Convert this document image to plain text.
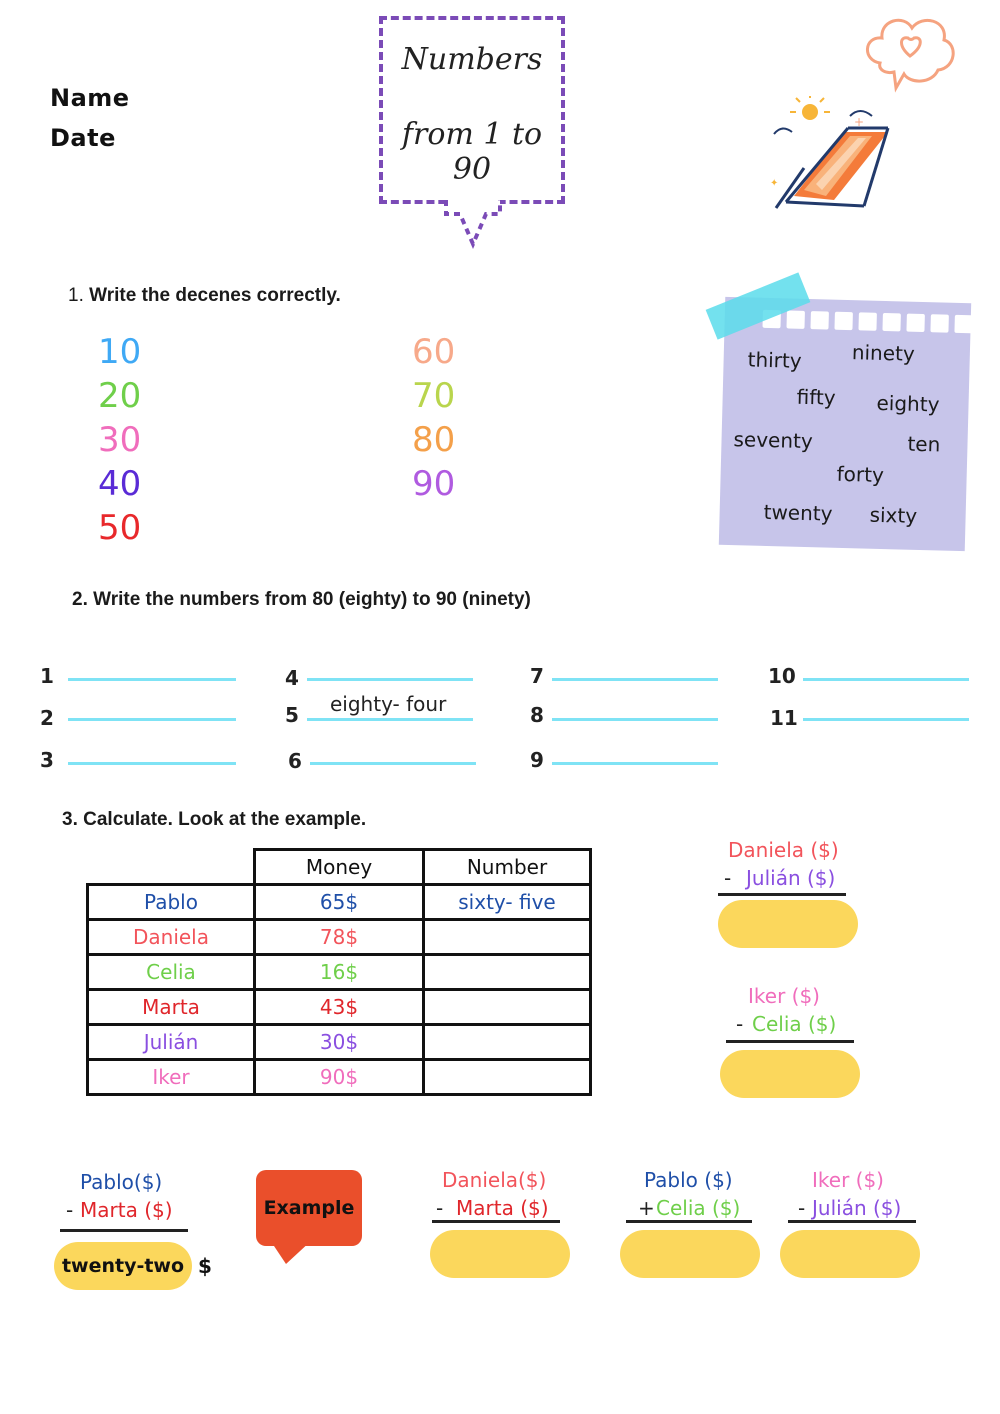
Name
Date
Numbers
from 1 to 90
+
✦
1. Write the decenes correctly.
10
20
30
40
50
60
70
80
90
thirty ninety
fifty eighty
seventy	ten
forty
twenty sixty
2. Write the numbers from 80 (eighty) to 90 (ninety)
1
2
3
4
5 eighty- four
6
7
8
9
10
11
3. Calculate. Look at the example.
	Money	Number
Pablo	65$	sixty- five
Daniela	78$	
Celia	16$	
Marta	43$	
Julián	30$	
Iker	90$	
Daniela ($)
- Julián ($)
Iker ($)
- Celia ($)
Pablo($)
- Marta ($)
twenty-two $
Example
Daniela($)
- Marta ($)
Pablo ($)
+ Celia ($)
Iker ($)
- Julián ($)
